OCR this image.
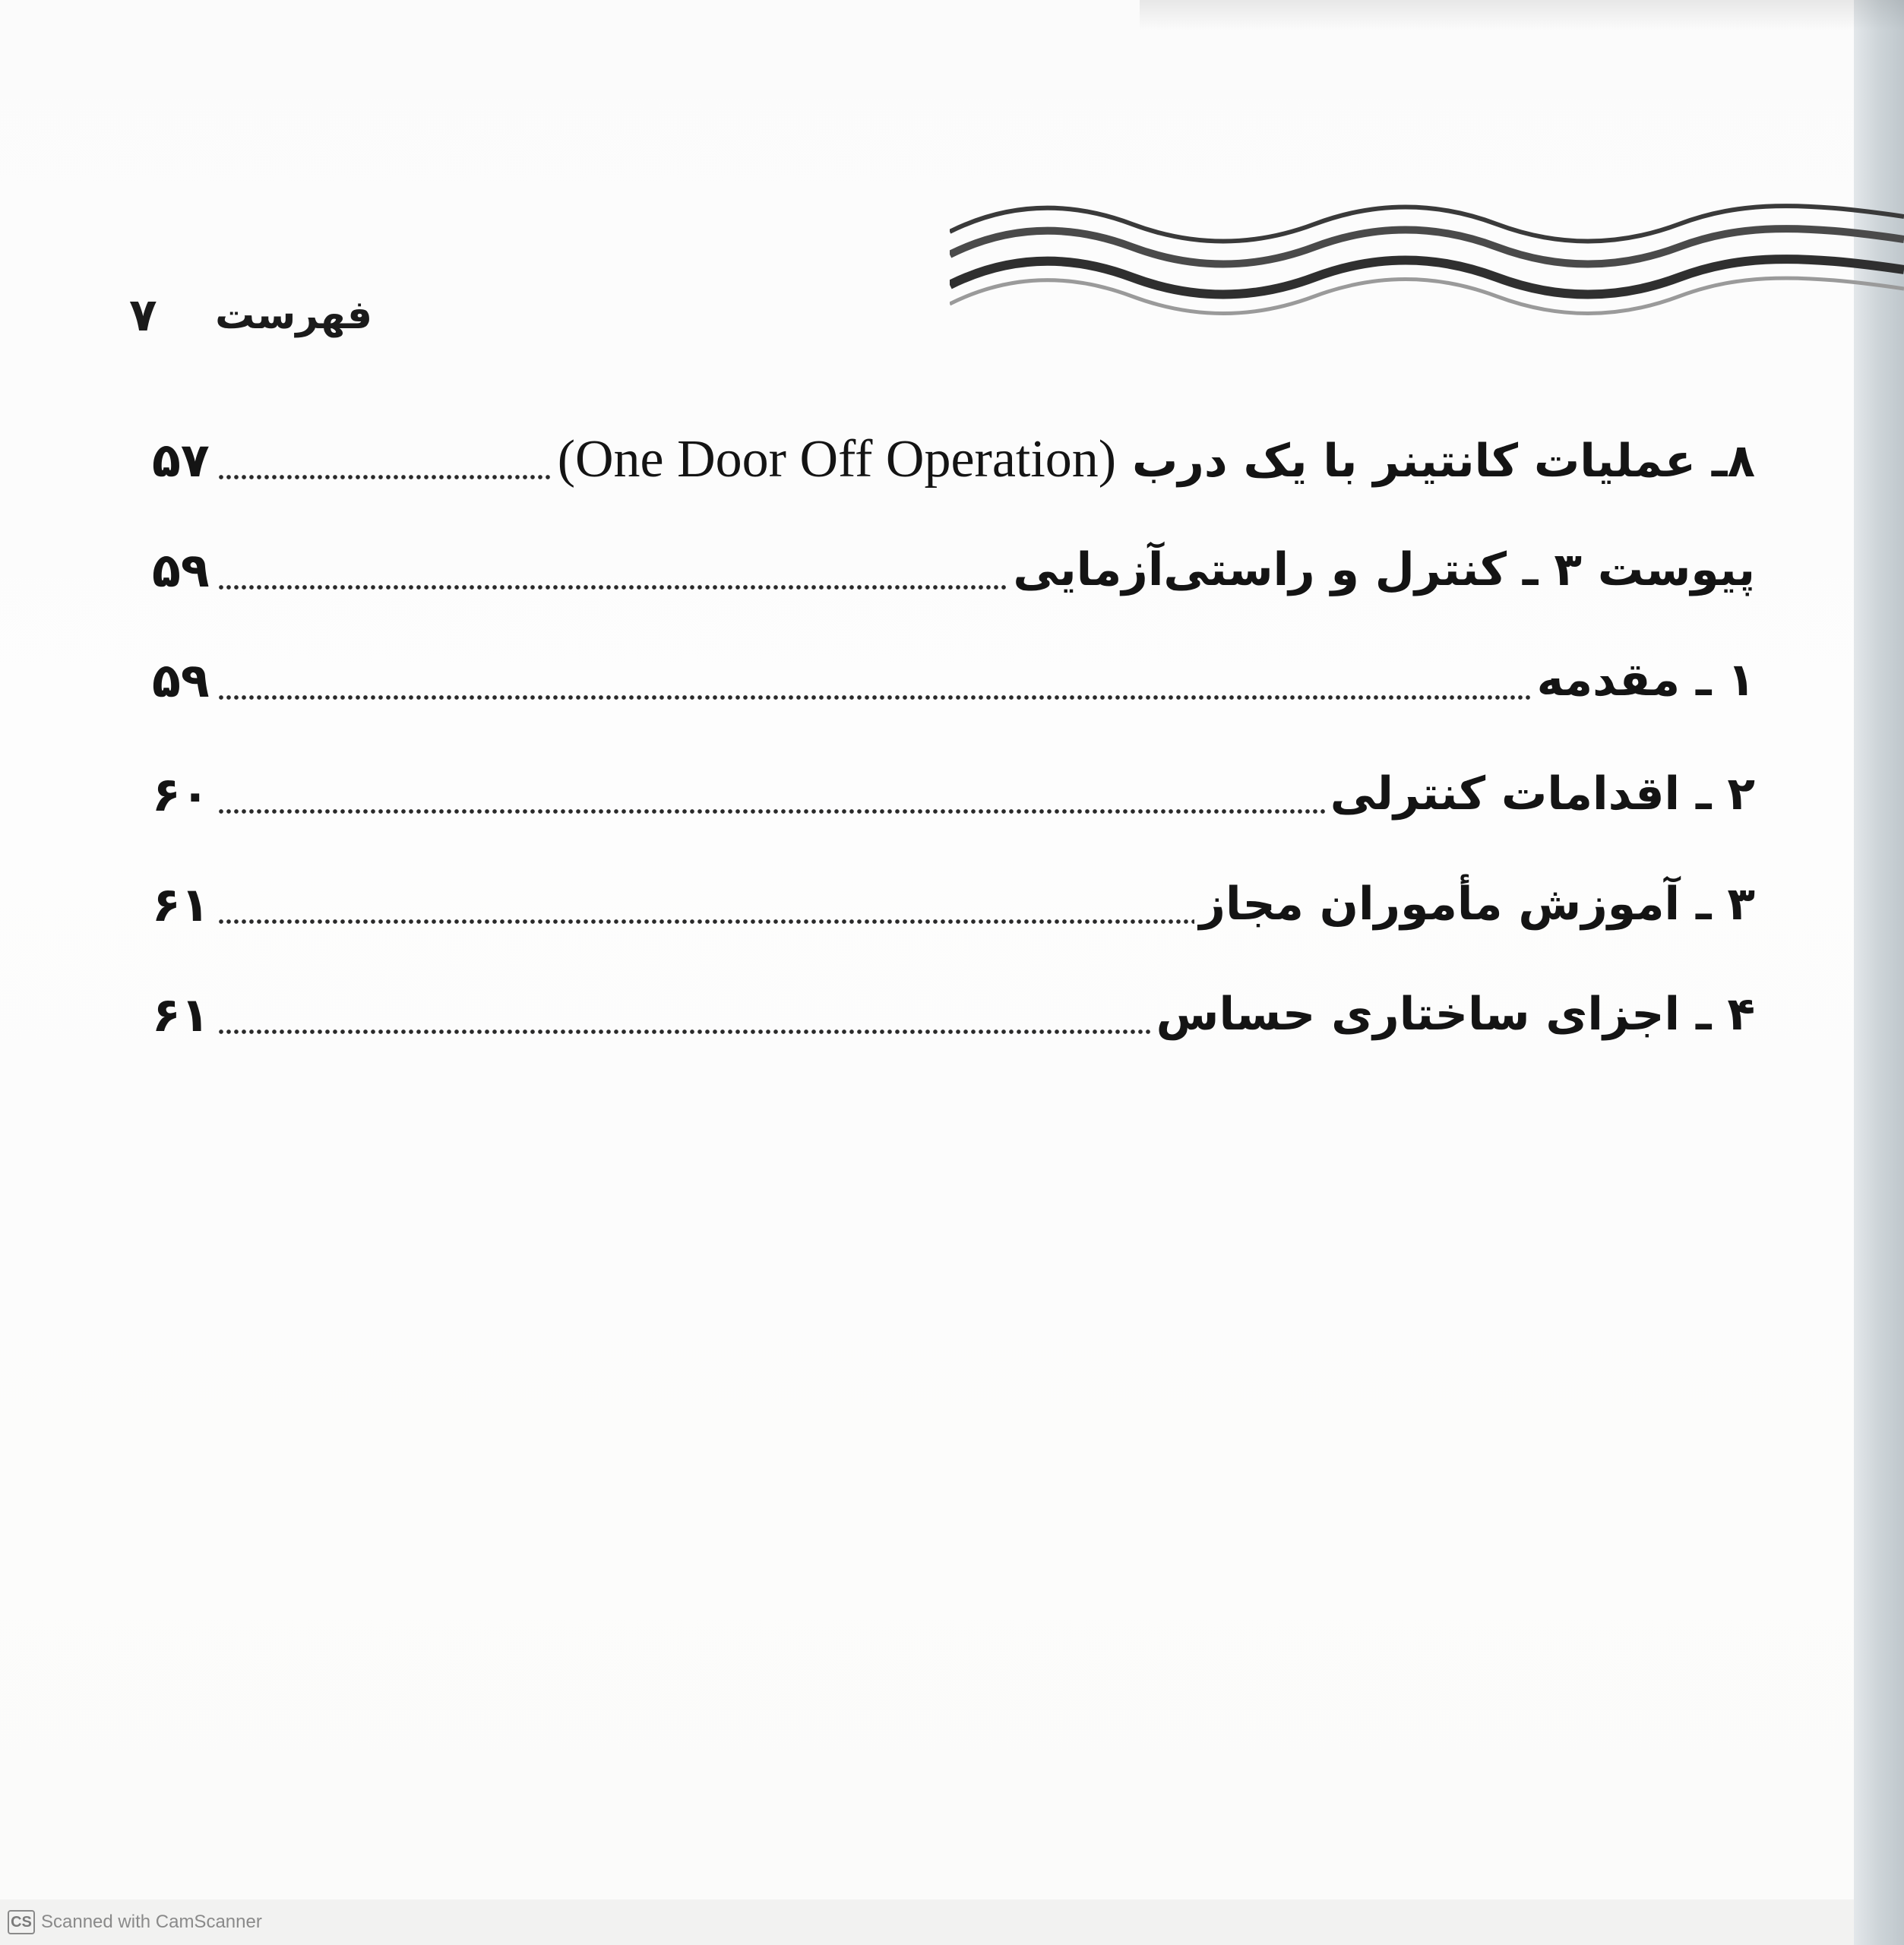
۷ فهرست
۸ـ عملیات کانتینر با یک درب (One Door Off Operation)
۵۷
پیوست ۳ ـ کنترل و راستی‌آزمایی
۵۹
۱ ـ مقدمه
۵۹
۲ ـ اقدامات کنترلی
۶۰
۳ ـ آموزش مأموران مجاز
۶۱
۴ ـ اجزای ساختاری حساس
۶۱
CS Scanned with CamScanner
